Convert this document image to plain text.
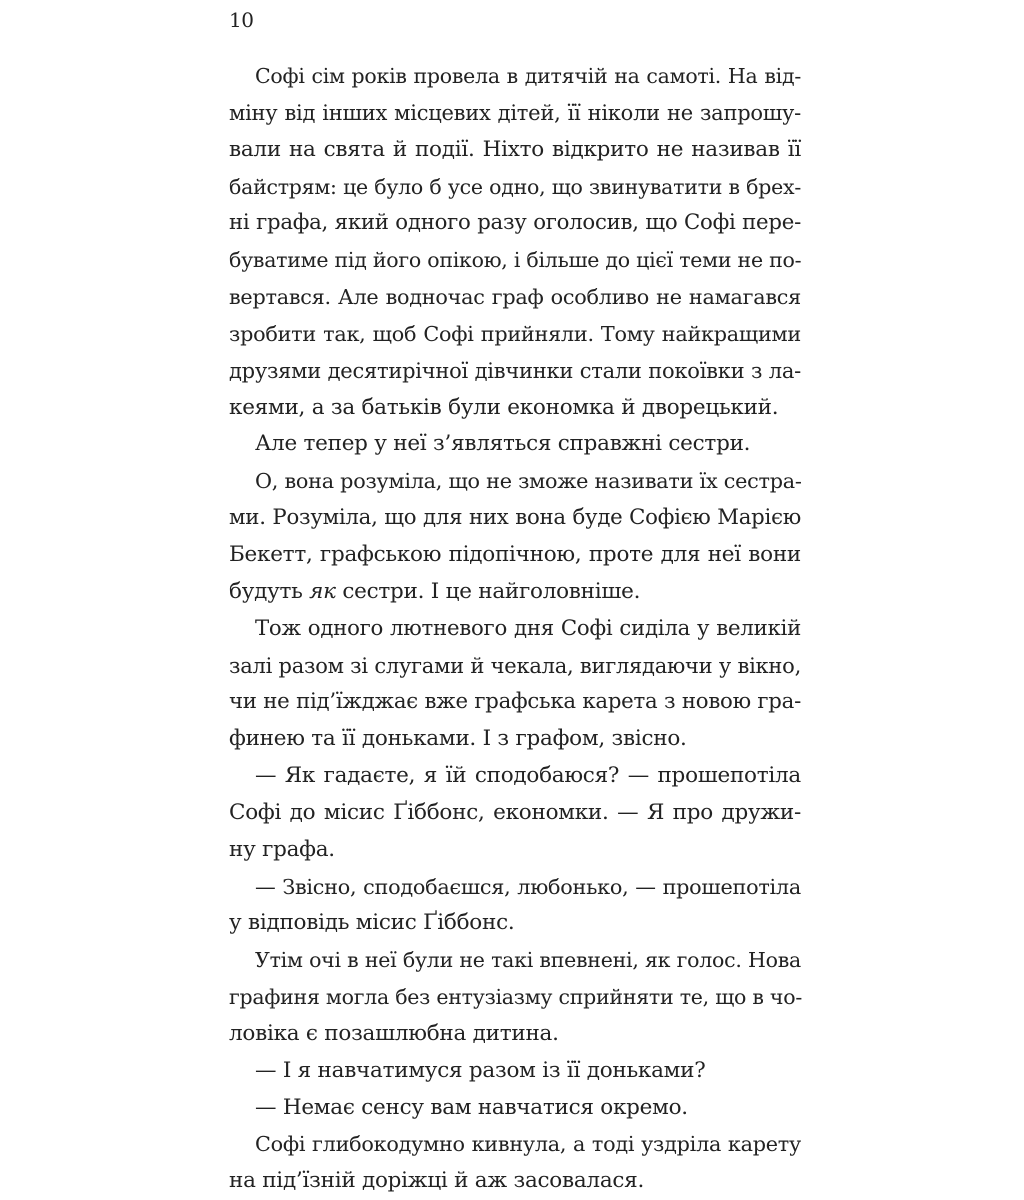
10
Софі сім років провела в дитячій на самоті. На від-
міну від інших місцевих дітей, її ніколи не запрошу-
вали на свята й події. Ніхто відкрито не називав її
байстрям: це було б усе одно, що звинуватити в брех-
ні графа, який одного разу оголосив, що Софі пере-
буватиме під його опікою, і більше до цієї теми не по-
вертався. Але водночас граф особливо не намагався
зробити так, щоб Софі прийняли. Тому найкращими
друзями десятирічної дівчинки стали покоївки з ла-
кеями, а за батьків були економка й дворецький.
Але тепер у неї з’являться справжні сестри.
О, вона розуміла, що не зможе називати їх сестра-
ми. Розуміла, що для них вона буде Софією Марією
Бекетт, графською підопічною, проте для неї вони
будуть як сестри. І це найголовніше.
Тож одного лютневого дня Софі сиділа у великій
залі разом зі слугами й чекала, виглядаючи у вікно,
чи не під’їжджає вже графська карета з новою гра-
финею та її доньками. І з графом, звісно.
— Як гадаєте, я їй сподобаюся? — прошепотіла
Софі до місис Ґіббонс, економки. — Я про дружи-
ну графа.
— Звісно, сподобаєшся, любонько, — прошепотіла
у відповідь місис Ґіббонс.
Утім очі в неї були не такі впевнені, як голос. Нова
графиня могла без ентузіазму сприйняти те, що в чо-
ловіка є позашлюбна дитина.
— І я навчатимуся разом із її доньками?
— Немає сенсу вам навчатися окремо.
Софі глибокодумно кивнула, а тоді уздріла карету
на під’їзній доріжці й аж засовалася.
